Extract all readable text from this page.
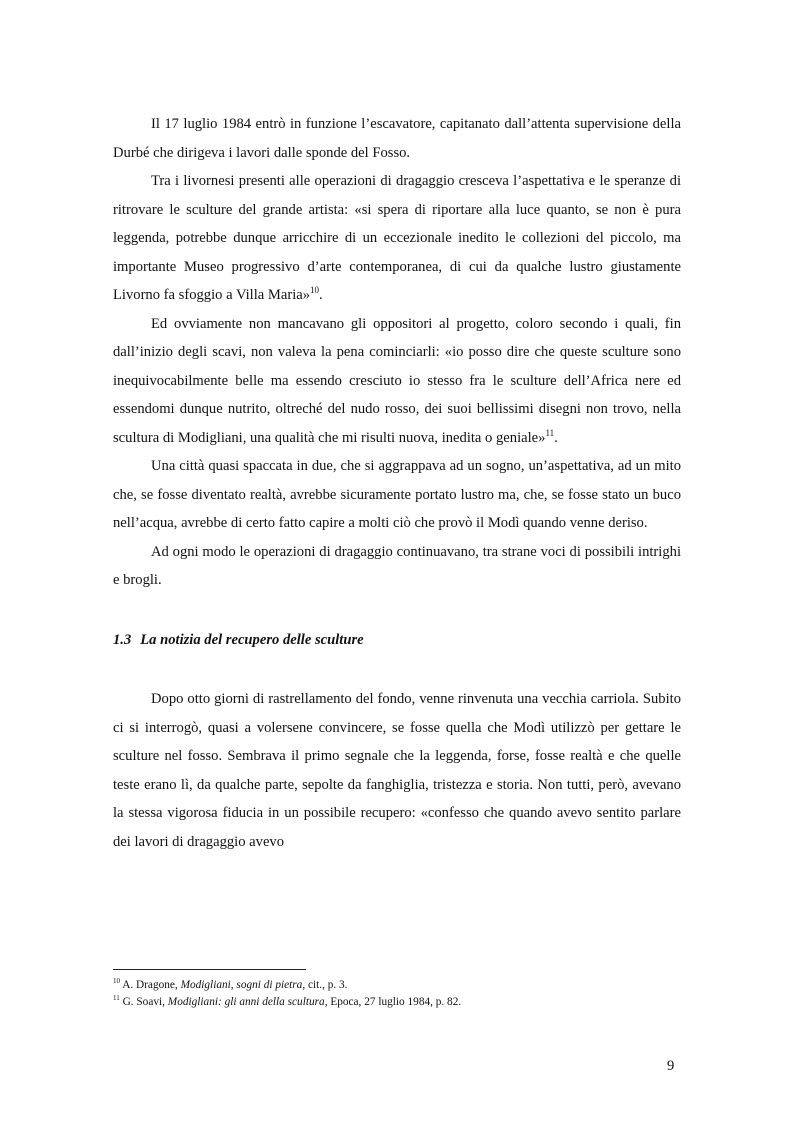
Il 17 luglio 1984 entrò in funzione l’escavatore, capitanato dall’attenta supervisione della Durbé che dirigeva i lavori dalle sponde del Fosso.

Tra i livornesi presenti alle operazioni di dragaggio cresceva l’aspettativa e le speranze di ritrovare le sculture del grande artista: «si spera di riportare alla luce quanto, se non è pura leggenda, potrebbe dunque arricchire di un eccezionale inedito le collezioni del piccolo, ma importante Museo progressivo d’arte contemporanea, di cui da qualche lustro giustamente Livorno fa sfoggio a Villa Maria»$^{10}$.

Ed ovviamente non mancavano gli oppositori al progetto, coloro secondo i quali, fin dall’inizio degli scavi, non valeva la pena cominciarli: «io posso dire che queste sculture sono inequivocabilmente belle ma essendo cresciuto io stesso fra le sculture dell’Africa nere ed essendomi dunque nutrito, oltreché del nudo rosso, dei suoi bellissimi disegni non trovo, nella scultura di Modigliani, una qualità che mi risulti nuova, inedita o geniale»$^{11}$.

Una città quasi spaccata in due, che si aggrappava ad un sogno, un’aspettativa, ad un mito che, se fosse diventato realtà, avrebbe sicuramente portato lustro ma, che, se fosse stato un buco nell’acqua, avrebbe di certo fatto capire a molti ciò che provò il Modì quando venne deriso.

Ad ogni modo le operazioni di dragaggio continuavano, tra strane voci di possibili intrighi e brogli.

1.3 La notizia del recupero delle sculture

Dopo otto giorni di rastrellamento del fondo, venne rinvenuta una vecchia carriola. Subito ci si interrogò, quasi a volersene convincere, se fosse quella che Modì utilizzò per gettare le sculture nel fosso. Sembrava il primo segnale che la leggenda, forse, fosse realtà e che quelle teste erano lì, da qualche parte, sepolte da fanghiglia, tristezza e storia. Non tutti, però, avevano la stessa vigorosa fiducia in un possibile recupero: «confesso che quando avevo sentito parlare dei lavori di dragaggio avevo

$^{10}$ A. Dragone, Modigliani, sogni di pietra, cit., p. 3.

$^{11}$ G. Soavi, Modigliani: gli anni della scultura, Epoca, 27 luglio 1984, p. 82.

9
